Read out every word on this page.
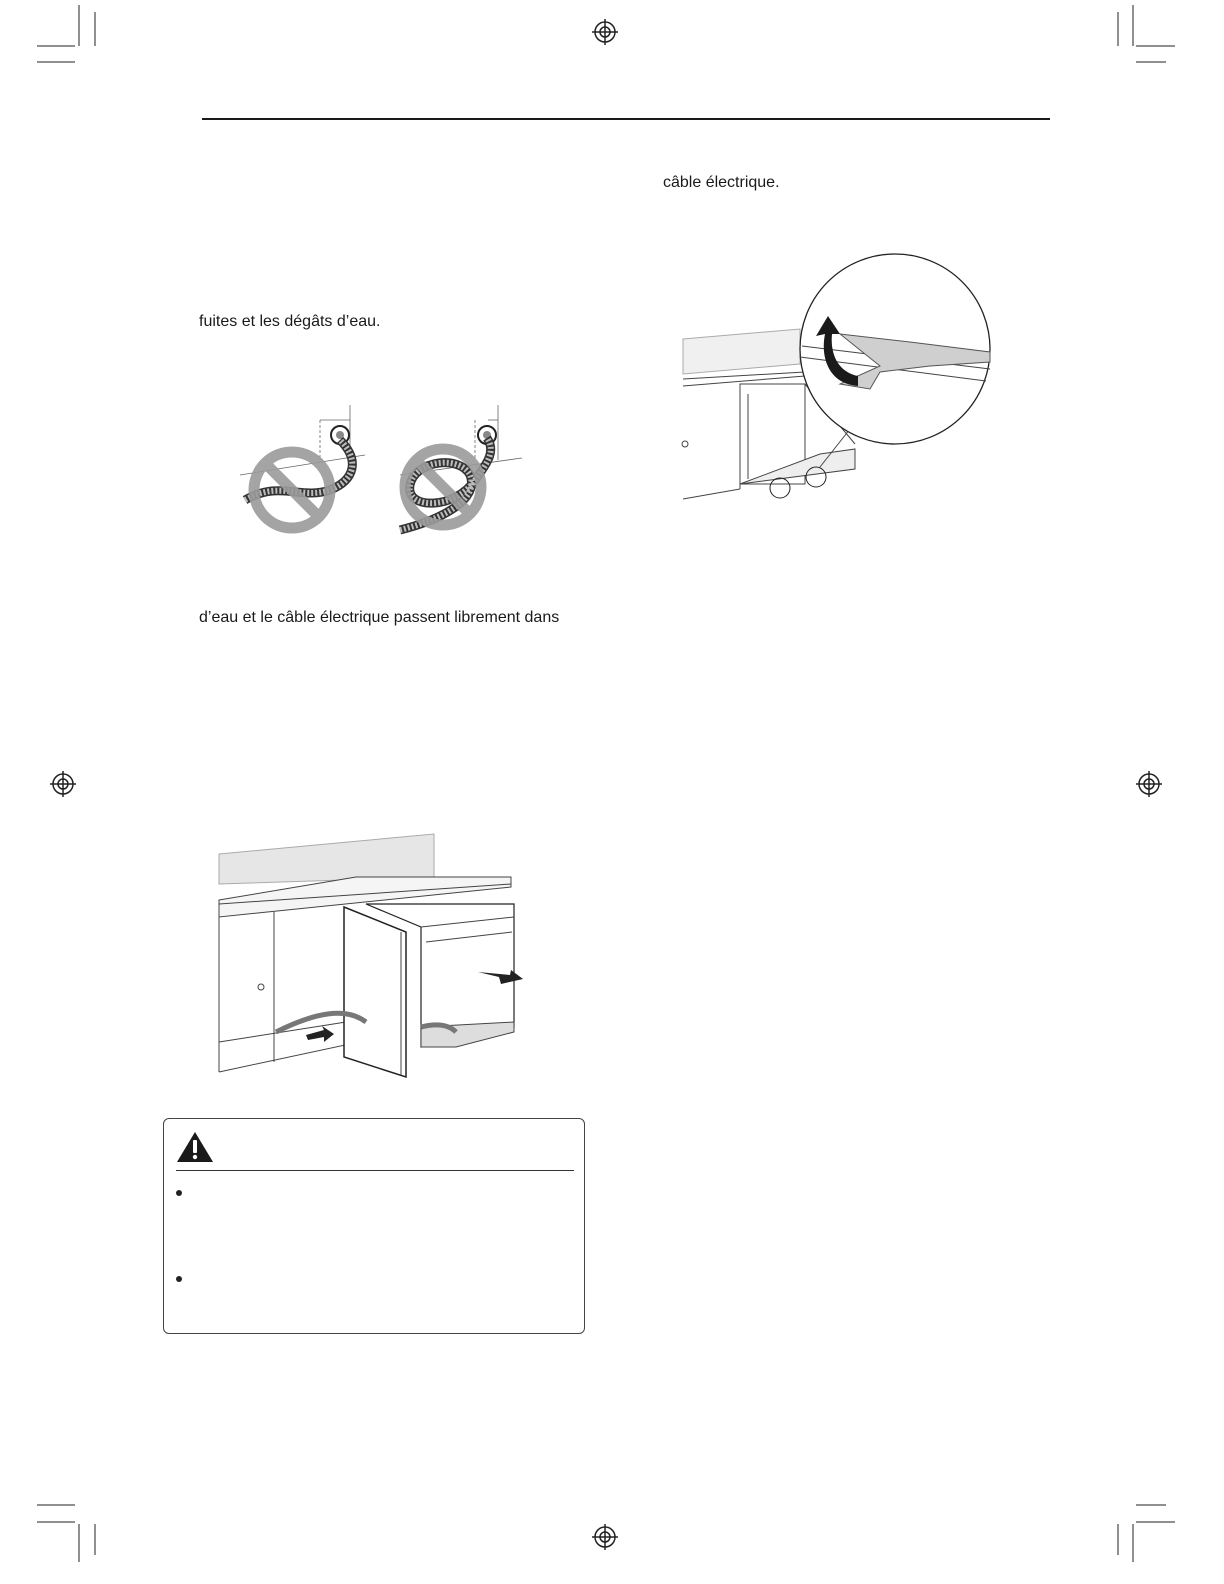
fuites et les dégâts d’eau.
d’eau et le câble électrique passent librement dans
câble électrique.
